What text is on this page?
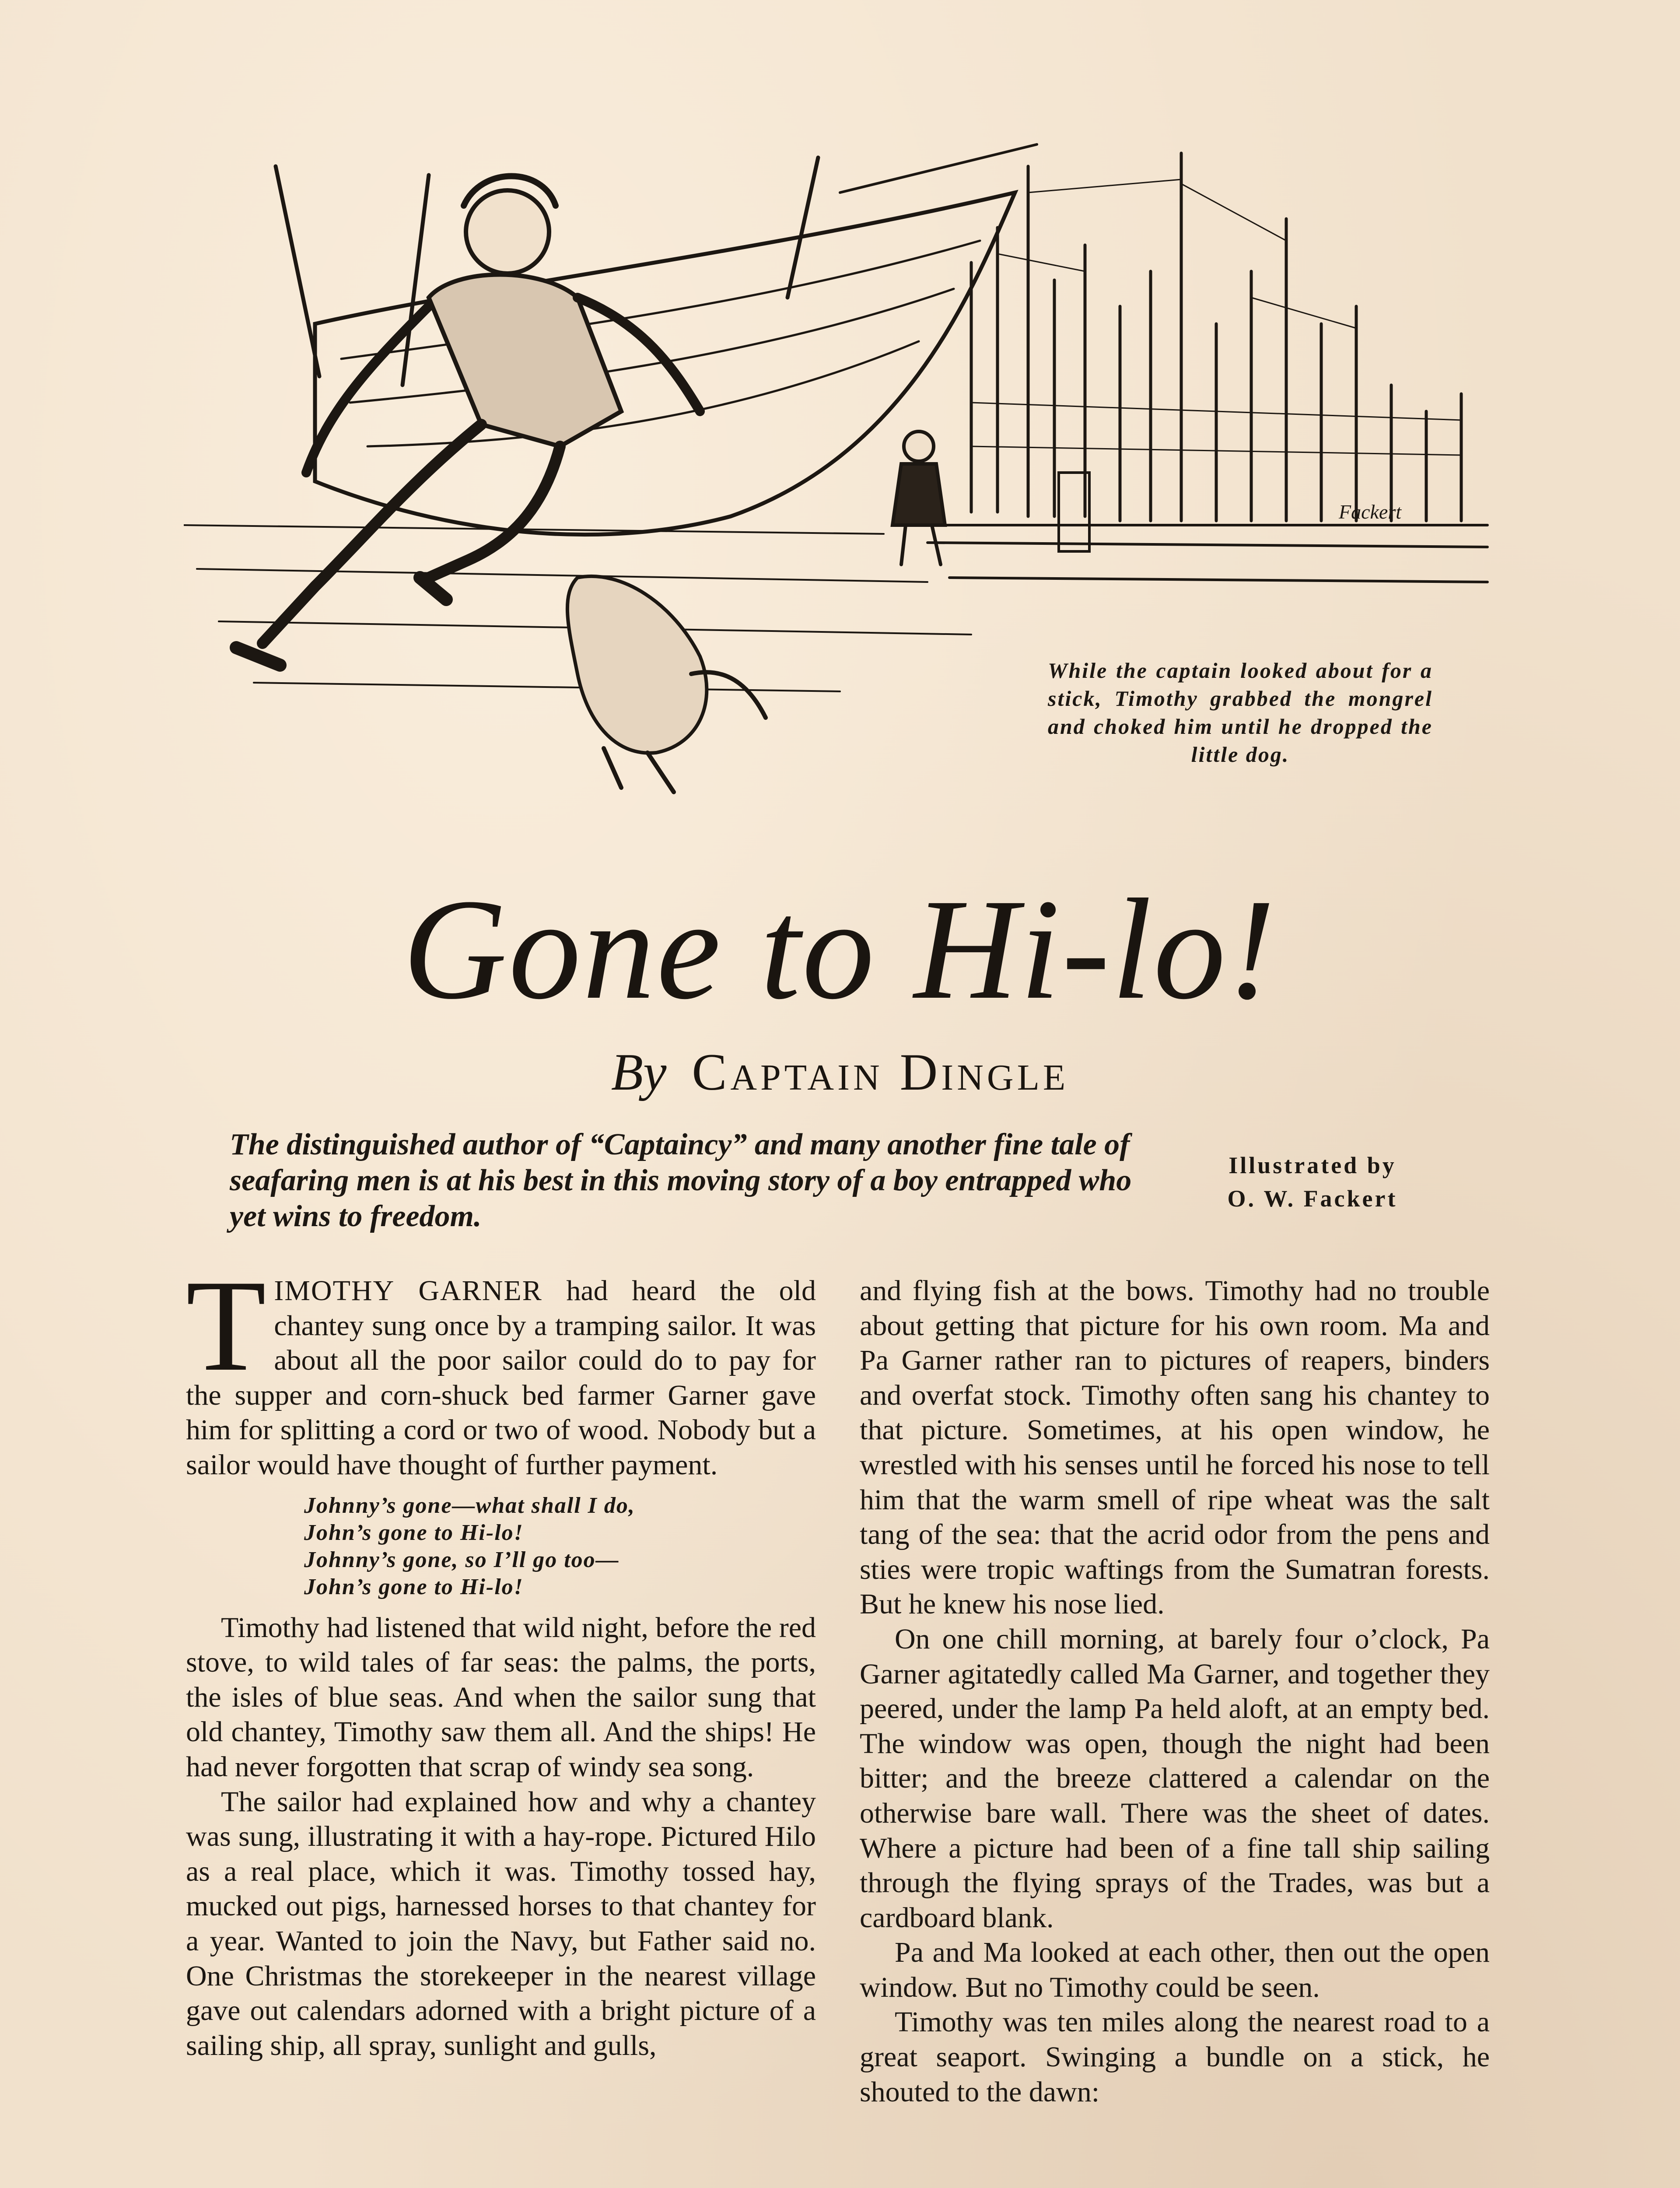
Fackert
While the captain looked about for a stick, Timothy grabbed the mongrel and choked him until he dropped the little dog.
Gone to Hi-lo!
By Captain Dingle
The distinguished author of “Captaincy” and many another fine tale of seafaring men is at his best in this moving story of a boy entrapped who yet wins to freedom.
Illustrated by
O. W. Fackert

TIMOTHY GARNER had heard the old chantey sung once by a tramping sailor. It was about all the poor sailor could do to pay for the supper and corn-shuck bed farmer Garner gave him for splitting a cord or two of wood. Nobody but a sailor would have thought of further payment.

Johnny’s gone—what shall I do,
John’s gone to Hi-lo!
Johnny’s gone, so I’ll go too—
John’s gone to Hi-lo!

Timothy had listened that wild night, before the red stove, to wild tales of far seas: the palms, the ports, the isles of blue seas. And when the sailor sung that old chantey, Timothy saw them all. And the ships! He had never forgotten that scrap of windy sea song.

The sailor had explained how and why a chantey was sung, illustrating it with a hay-rope. Pictured Hilo as a real place, which it was. Timothy tossed hay, mucked out pigs, harnessed horses to that chantey for a year. Wanted to join the Navy, but Father said no. One Christmas the storekeeper in the nearest village gave out calendars adorned with a bright picture of a sailing ship, all spray, sunlight and gulls,

and flying fish at the bows. Timothy had no trouble about getting that picture for his own room. Ma and Pa Garner rather ran to pictures of reapers, binders and overfat stock. Timothy often sang his chantey to that picture. Sometimes, at his open window, he wrestled with his senses until he forced his nose to tell him that the warm smell of ripe wheat was the salt tang of the sea: that the acrid odor from the pens and sties were tropic waftings from the Sumatran forests. But he knew his nose lied.

On one chill morning, at barely four o’clock, Pa Garner agitatedly called Ma Garner, and together they peered, under the lamp Pa held aloft, at an empty bed. The window was open, though the night had been bitter; and the breeze clattered a calendar on the otherwise bare wall. There was the sheet of dates. Where a picture had been of a fine tall ship sailing through the flying sprays of the Trades, was but a cardboard blank.

Pa and Ma looked at each other, then out the open window. But no Timothy could be seen.

Timothy was ten miles along the nearest road to a great seaport. Swinging a bundle on a stick, he shouted to the dawn:
